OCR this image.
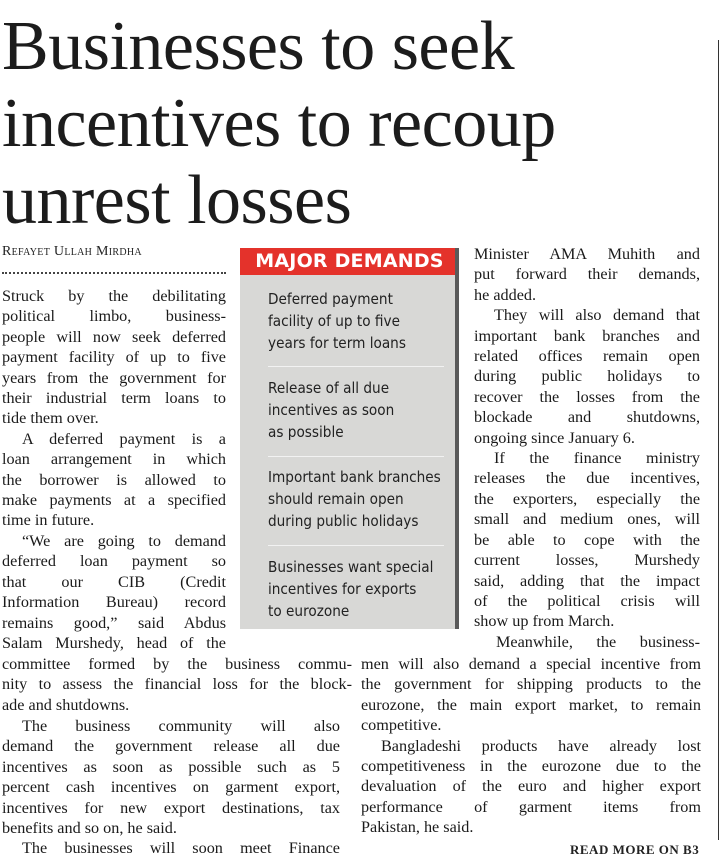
Businesses to seek
incentives to recoup
unrest losses
Refayet Ullah Mirdha
Struck by the debilitating
political limbo, business-
people will now seek deferred
payment facility of up to five
years from the government for
their industrial term loans to
tide them over.
A deferred payment is a
loan arrangement in which
the borrower is allowed to
make payments at a specified
time in future.
“We are going to demand
deferred loan payment so
that our CIB (Credit
Information Bureau) record
remains good,” said Abdus
Salam Murshedy, head of the
committee formed by the business commu-
nity to assess the financial loss for the block-
ade and shutdowns.
The business community will also
demand the government release all due
incentives as soon as possible such as 5
percent cash incentives on garment export,
incentives for new export destinations, tax
benefits and so on, he said.
The businesses will soon meet Finance
MAJOR DEMANDS
Deferred payment
facility of up to five
years for term loans
Release of all due
incentives as soon
as possible
Important bank branches
should remain open
during public holidays
Businesses want special
incentives for exports
to eurozone
Minister AMA Muhith and
put forward their demands,
he added.
They will also demand that
important bank branches and
related offices remain open
during public holidays to
recover the losses from the
blockade and shutdowns,
ongoing since January 6.
If the finance ministry
releases the due incentives,
the exporters, especially the
small and medium ones, will
be able to cope with the
current losses, Murshedy
said, adding that the impact
of the political crisis will
show up from March.
Meanwhile, the business-
men will also demand a special incentive from
the government for shipping products to the
eurozone, the main export market, to remain
competitive.
Bangladeshi products have already lost
competitiveness in the eurozone due to the
devaluation of the euro and higher export
performance of garment items from
Pakistan, he said.
READ MORE ON B3
